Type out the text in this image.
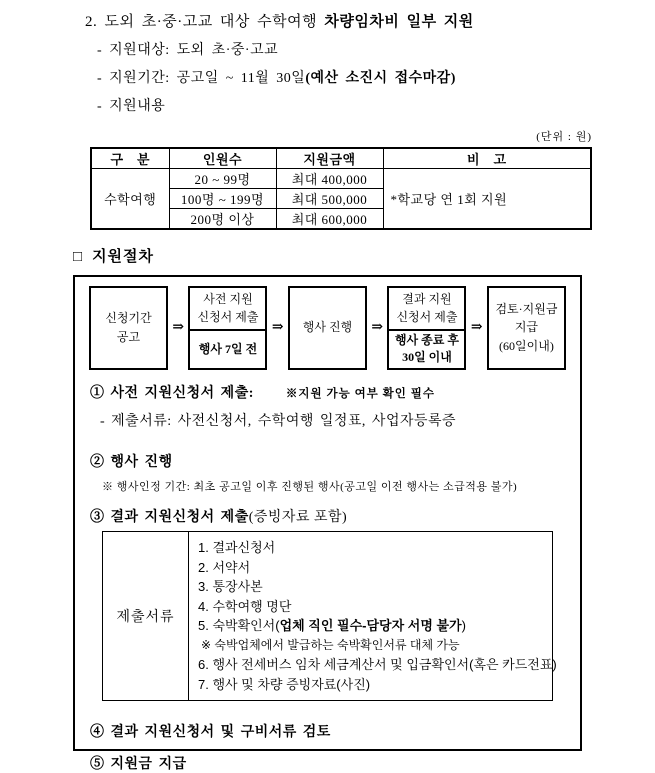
2. 도외 초·중·고교 대상 수학여행 차량임차비 일부 지원
- 지원대상: 도외 초·중·고교
- 지원기간: 공고일 ~ 11월 30일(예산 소진시 접수마감)
- 지원내용
(단위 : 원)
구　분	인원수	지원금액	비　고
수학여행	20 ~ 99명	최대 400,000	*학교당 연 1회 지원
	100명 ~ 199명	최대 500,000	
	200명 이상	최대 600,000	
□ 지원절차
신청기간
공고
⇒
사전 지원
신청서 제출
행사 7일 전
⇒	행사 진행	⇒
결과 지원
신청서 제출
행사 종료 후
30일 이내
⇒
검토·지원금
지급
(60일이내)
① 사전 지원신청서 제출:	※지원 가능 여부 확인 필수
- 제출서류: 사전신청서, 수학여행 일정표, 사업자등록증
② 행사 진행
※ 행사인정 기간: 최초 공고일 이후 진행된 행사(공고일 이전 행사는 소급적용 불가)
③ 결과 지원신청서 제출(증빙자료 포함)
제출서류	
1. 결과신청서
2. 서약서
3. 통장사본
4. 수학여행 명단
5. 숙박확인서(업체 직인 필수-담당자 서명 불가)
※ 숙박업체에서 발급하는 숙박확인서류 대체 가능
6. 행사 전세버스 임차 세금계산서 및 입금확인서(혹은 카드전표)
7. 행사 및 차량 증빙자료(사진)
④ 결과 지원신청서 및 구비서류 검토
⑤ 지원금 지급
